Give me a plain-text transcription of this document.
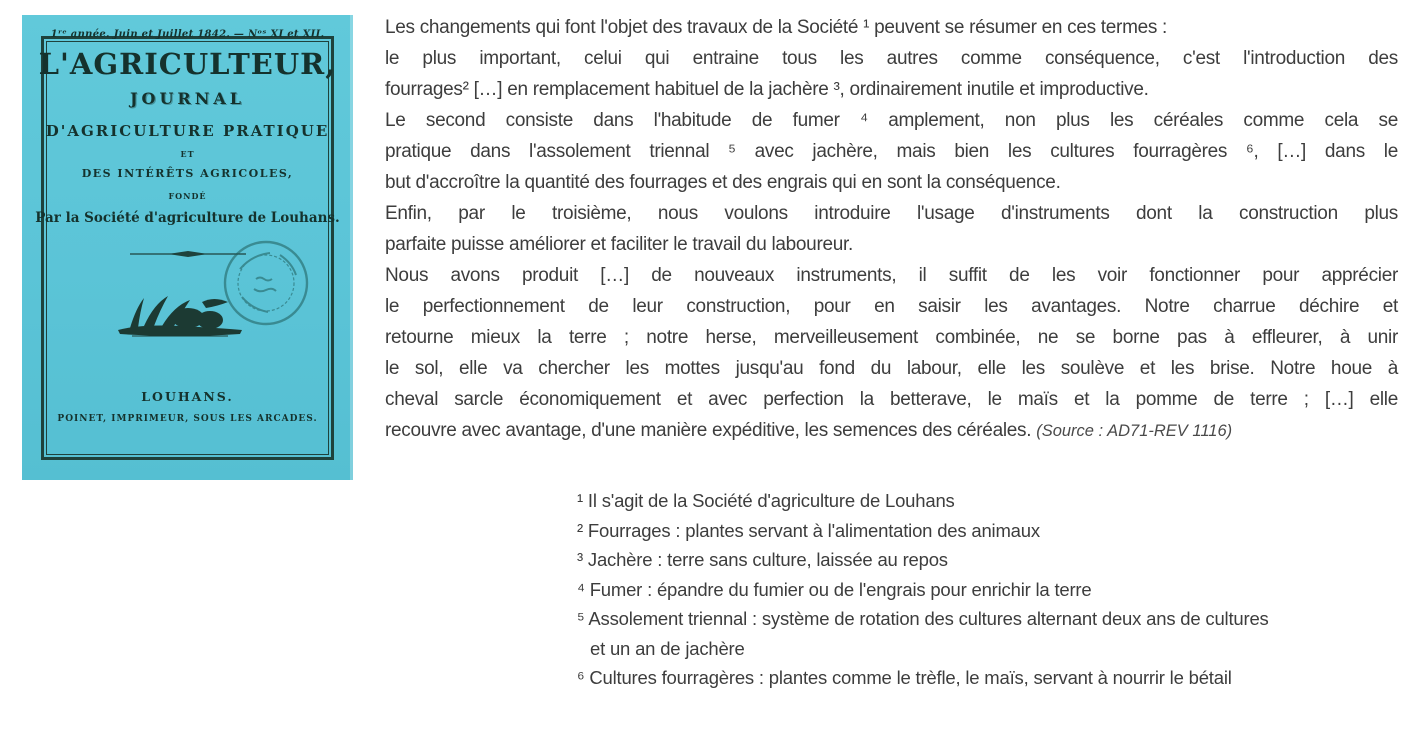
1ʳᵉ année. Juin et Juillet 1842. — Nᵒˢ XI et XII.
L'AGRICULTEUR,
JOURNAL
D'AGRICULTURE PRATIQUE
ET
DES INTÉRÊTS AGRICOLES,
FONDÉ
Par la Société d'agriculture de Louhans.
LOUHANS.
POINET, IMPRIMEUR, SOUS LES ARCADES.
Les changements qui font l'objet des travaux de la Société ¹ peuvent se résumer en ces termes :
le plus important, celui qui entraine tous les autres comme conséquence, c'est l'introduction des
fourrages² […] en remplacement habituel de la jachère ³, ordinairement inutile et improductive.
Le second consiste dans l'habitude de fumer ⁴ amplement, non plus les céréales comme cela se
pratique dans l'assolement triennal ⁵ avec jachère, mais bien les cultures fourragères ⁶, […] dans le
but d'accroître la quantité des fourrages et des engrais qui en sont la conséquence.
Enfin, par le troisième, nous voulons introduire l'usage d'instruments dont la construction plus
parfaite puisse améliorer et faciliter le travail du laboureur.
Nous avons produit […] de nouveaux instruments, il suffit de les voir fonctionner pour apprécier
le perfectionnement de leur construction, pour en saisir les avantages. Notre charrue déchire et
retourne mieux la terre ; notre herse, merveilleusement combinée, ne se borne pas à effleurer, à unir
le sol, elle va chercher les mottes jusqu'au fond du labour, elle les soulève et les brise. Notre houe à
cheval sarcle économiquement et avec perfection la betterave, le maïs et la pomme de terre ; […] elle
recouvre avec avantage, d'une manière expéditive, les semences des céréales. (Source : AD71-REV 1116)
¹ Il s'agit de la Société d'agriculture de Louhans
² Fourrages : plantes servant à l'alimentation des animaux
³ Jachère : terre sans culture, laissée au repos
⁴ Fumer : épandre du fumier ou de l'engrais pour enrichir la terre
⁵ Assolement triennal : système de rotation des cultures alternant deux ans de cultures
et un an de jachère
⁶ Cultures fourragères : plantes comme le trèfle, le maïs, servant à nourrir le bétail
